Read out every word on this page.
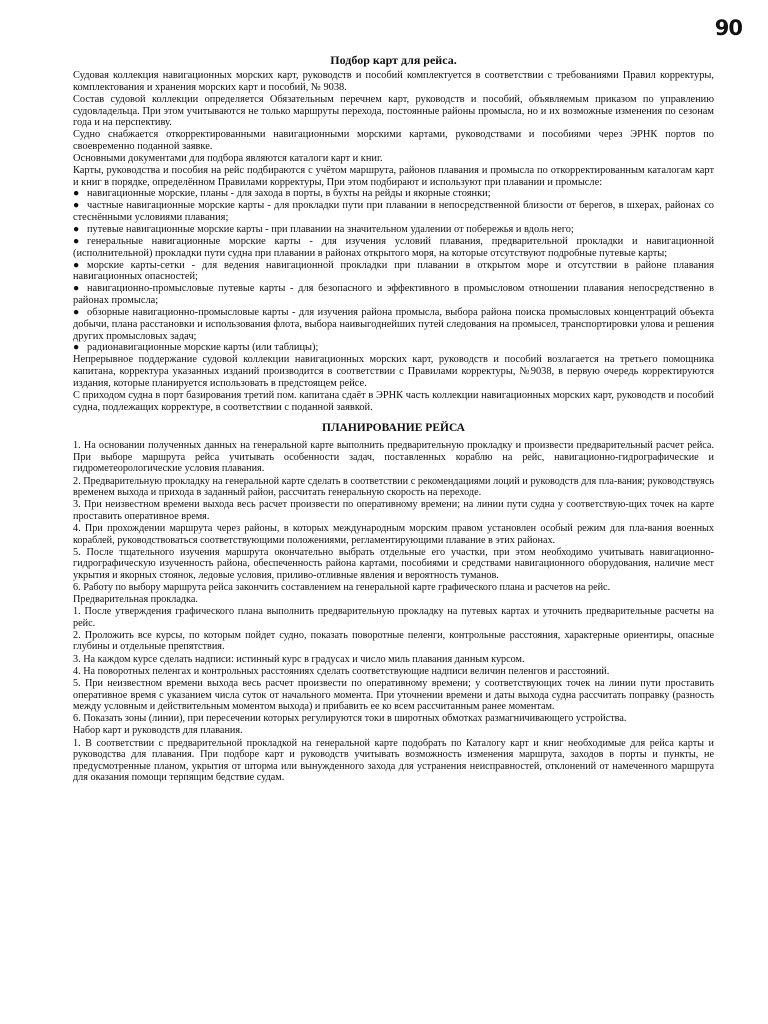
90
Подбор карт для рейса.

Судовая коллекция навигационных морских карт, руководств и пособий комплектуется в соответствии с требованиями Правил корректуры, комплектования и хранения морских карт и пособий, № 9038.

Состав судовой коллекции определяется Обязательным перечнем карт, руководств и пособий, объявляемым приказом по управлению судовладельца. При этом учитываются не только маршруты перехода, постоянные районы промысла, но и их возможные изменения по сезонам года и на перспективу.

Судно снабжается откорректированными навигационными морскими картами, руководствами и пособиями через ЭРНК портов по своевременно поданной заявке.

Основными документами для подбора являются каталоги карт и книг.

Карты, руководства и пособия на рейс подбираются с учётом маршрута, районов плавания и промысла по откорректированным каталогам карт и книг в порядке, определённом Правилами корректуры, При этом подбирают и используют при плавании и промысле:

● навигационные морские, планы - для захода в порты, в бухты на рейды и якорные стоянки;

● частные навигационные морские карты - для прокладки пути при плавании в непосредственной близости от берегов, в шхерах, районах со стеснёнными условиями плавания;

● путевые навигационные морские карты - при плавании на значительном удалении от побережья и вдоль него;

● генеральные навигационные морские карты - для изучения условий плавания, предварительной прокладки и навигационной (исполнительной) прокладки пути судна при плавании в районах открытого моря, на которые отсутствуют подробные путевые карты;

● морские карты-сетки - для ведения навигационной прокладки при плавании в открытом море и отсутствии в районе плавания навигационных опасностей;

● навигационно-промысловые путевые карты - для безопасного и эффективного в промысловом отношении плавания непосредственно в районах промысла;

● обзорные навигационно-промысловые карты - для изучения района промысла, выбора района поиска промысловых концентраций объекта добычи, плана расстановки и использования флота, выбора наивыгоднейших путей следования на промысел, транспортировки улова и решения других промысловых задач;

● радионавигационные морские карты (или таблицы);

Непрерывное поддержание судовой коллекции навигационных морских карт, руководств и пособий возлагается на третьего помощника капитана, корректура указанных изданий производится в соответствии с Правилами корректуры, №9038, в первую очередь корректируются издания, которые планируется использовать в предстоящем рейсе.

С приходом судна в порт базирования третий пом. капитана сдаёт в ЭРНК часть коллекции навигационных морских карт, руководств и пособий судна, подлежащих корректуре, в соответствии с поданной заявкой.

ПЛАНИРОВАНИЕ РЕЙСА

1. На основании полученных данных на генеральной карте выполнить предварительную прокладку и произвести предварительный расчет рейса. При выборе маршрута рейса учитывать особенности задач, поставленных кораблю на рейс, навигационно-гидрографические и гидрометеорологические условия плавания.

2. Предварительную прокладку на генеральной карте сделать в соответствии с рекомендациями лоций и руководств для пла-вания; руководствуясь временем выхода и прихода в заданный район, рассчитать генеральную скорость на переходе.

3. При неизвестном времени выхода весь расчет произвести по оперативному времени; на линии пути судна у соответствую-щих точек на карте проставить оперативное время.

4. При прохождении маршрута через районы, в которых международным морским правом установлен особый режим для пла-вания военных кораблей, руководствоваться соответствующими положениями, регламентирующими плавание в этих районах.

5. После тщательного изучения маршрута окончательно выбрать отдельные его участки, при этом необходимо учитывать навигационно-гидрографическую изученность района, обеспеченность района картами, пособиями и средствами навигационного оборудования, наличие мест укрытия и якорных стоянок, ледовые условия, приливо-отливные явления и вероятность туманов.

6. Работу по выбору маршрута рейса закончить составлением на генеральной карте графического плана и расчетов на рейс.

Предварительная прокладка.

1. После утверждения графического плана выполнить предварительную прокладку на путевых картах и уточнить предварительные расчеты на рейс.

2. Проложить все курсы, по которым пойдет судно, показать поворотные пеленги, контрольные расстояния, характерные ориентиры, опасные глубины и отдельные препятствия.

3. На каждом курсе сделать надписи: истинный курс в градусах и число миль плавания данным курсом.

4. На поворотных пеленгах и контрольных расстояниях сделать соответствующие надписи величин пеленгов и расстояний.

5. При неизвестном времени выхода весь расчет произвести по оперативному времени; у соответствующих точек на линии пути проставить оперативное время с указанием числа суток от начального момента. При уточнении времени и даты выхода судна рассчитать поправку (разность между условным и действительным моментом выхода) и прибавить ее ко всем рассчитанным ранее моментам.

6. Показать зоны (линии), при пересечении которых регулируются токи в широтных обмотках размагничивающего устройства.

Набор карт и руководств для плавания.

1. В соответствии с предварительной прокладкой на генеральной карте подобрать по Каталогу карт и книг необходимые для рейса карты и руководства для плавания. При подборе карт и руководств учитывать возможность изменения маршрута, заходов в порты и пункты, не предусмотренные планом, укрытия от шторма или вынужденного захода для устранения неисправностей, отклонений от намеченного маршрута для оказания помощи терпящим бедствие судам.
